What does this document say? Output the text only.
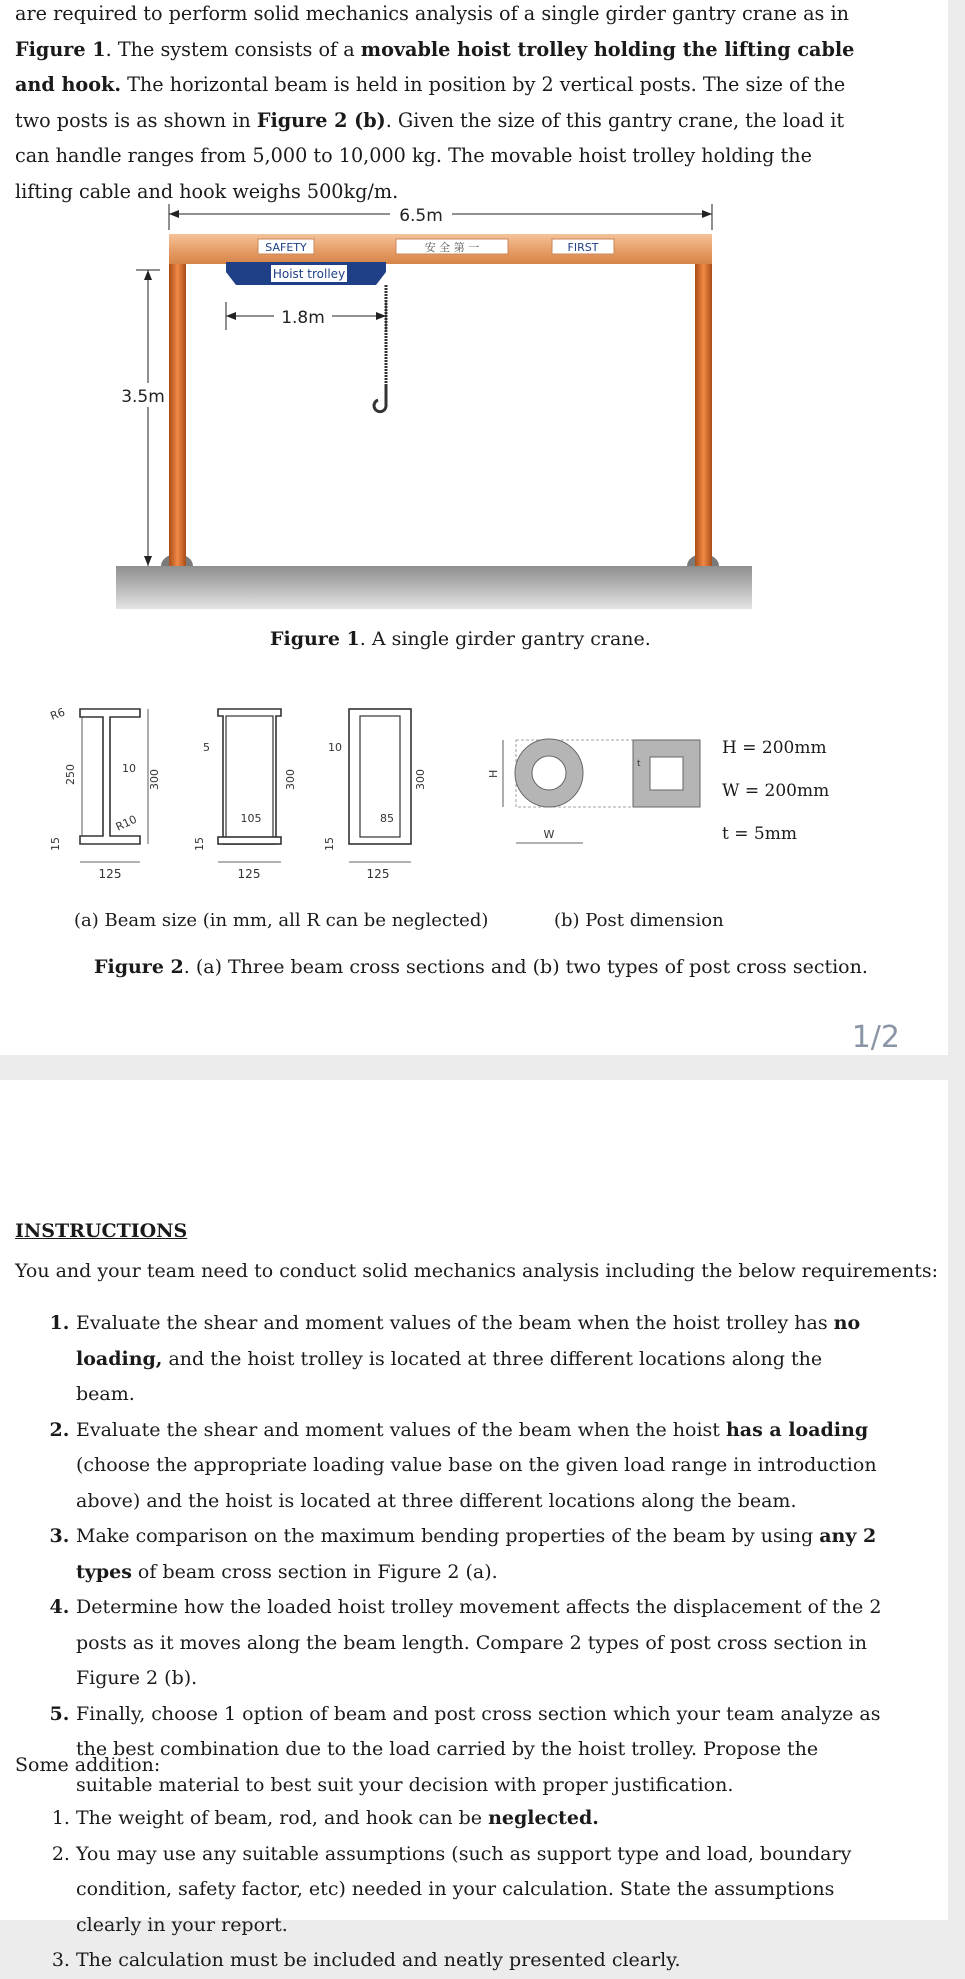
are required to perform solid mechanics analysis of a single girder gantry crane as in Figure 1. The system consists of a movable hoist trolley holding the lifting cable and hook. The horizontal beam is held in position by 2 vertical posts. The size of the two posts is as shown in Figure 2 (b). Given the size of this gantry crane, the load it can handle ranges from 5,000 to 10,000 kg. The movable hoist trolley holding the lifting cable and hook weighs 500kg/m.
SAFETY	安 全 第 一	FIRST
Hoist trolley
6.5m
3.5m
1.8m
Figure 1. A single girder gantry crane.
R6
250	10
300
R10
15
125
5
105
300
15
125
10
85
300
15
125
H
t
W
H = 200mm
W = 200mm
t = 5mm
(a) Beam size (in mm, all R can be neglected)	(b) Post dimension
Figure 2. (a) Three beam cross sections and (b) two types of post cross section.
1/2
INSTRUCTIONS
You and your team need to conduct solid mechanics analysis including the below requirements:
1. Evaluate the shear and moment values of the beam when the hoist trolley has no loading, and the hoist trolley is located at three different locations along the beam.
2. Evaluate the shear and moment values of the beam when the hoist has a loading (choose the appropriate loading value base on the given load range in introduction above) and the hoist is located at three different locations along the beam.
3. Make comparison on the maximum bending properties of the beam by using any 2 types of beam cross section in Figure 2 (a).
4. Determine how the loaded hoist trolley movement affects the displacement of the 2 posts as it moves along the beam length. Compare 2 types of post cross section in Figure 2 (b).
5. Finally, choose 1 option of beam and post cross section which your team analyze as the best combination due to the load carried by the hoist trolley. Propose the suitable material to best suit your decision with proper justification.
Some addition:
1. The weight of beam, rod, and hook can be neglected.
2. You may use any suitable assumptions (such as support type and load, boundary condition, safety factor, etc) needed in your calculation. State the assumptions clearly in your report.
3. The calculation must be included and neatly presented clearly.
